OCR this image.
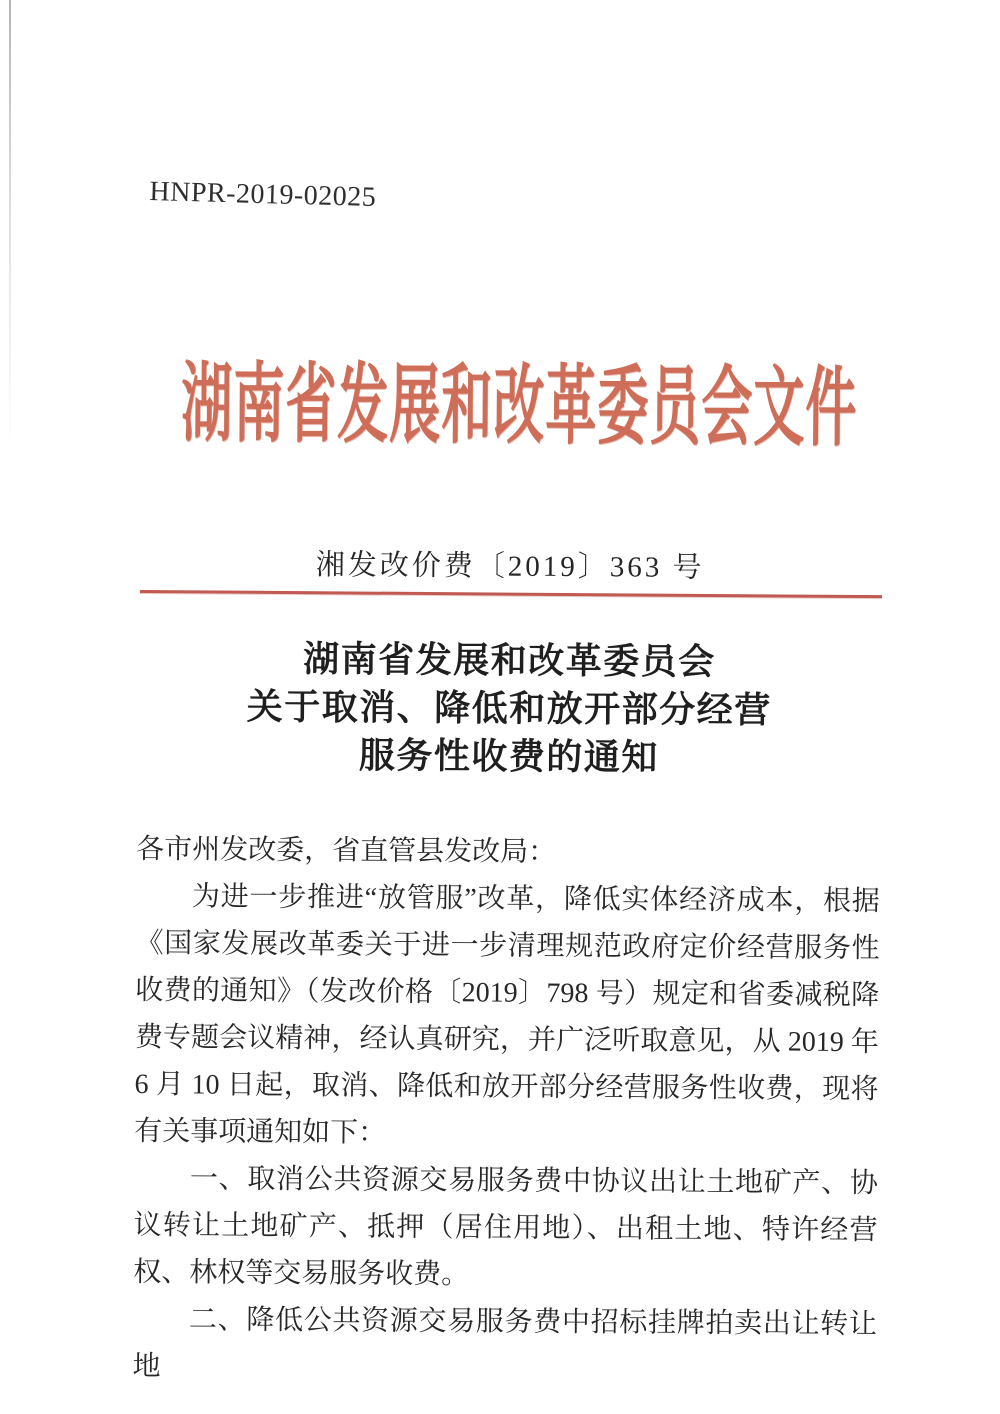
HNPR-2019-02025
湖南省发展和改革委员会文件
湘发改价费〔2019〕363 号
湖南省发展和改革委员会
关于取消、降低和放开部分经营
服务性收费的通知

各市州发改委，省直管县发改局：

为进一步推进“放管服”改革，降低实体经济成本，根据《国家发展改革委关于进一步清理规范政府定价经营服务性收费的通知》（发改价格〔2019〕798 号）规定和省委减税降费专题会议精神，经认真研究，并广泛听取意见，从 2019 年 6 月 10 日起，取消、降低和放开部分经营服务性收费，现将有关事项通知如下：

一、取消公共资源交易服务费中协议出让土地矿产、协议转让土地矿产、抵押（居住用地）、出租土地、特许经营权、林权等交易服务收费。

二、降低公共资源交易服务费中招标挂牌拍卖出让转让地
